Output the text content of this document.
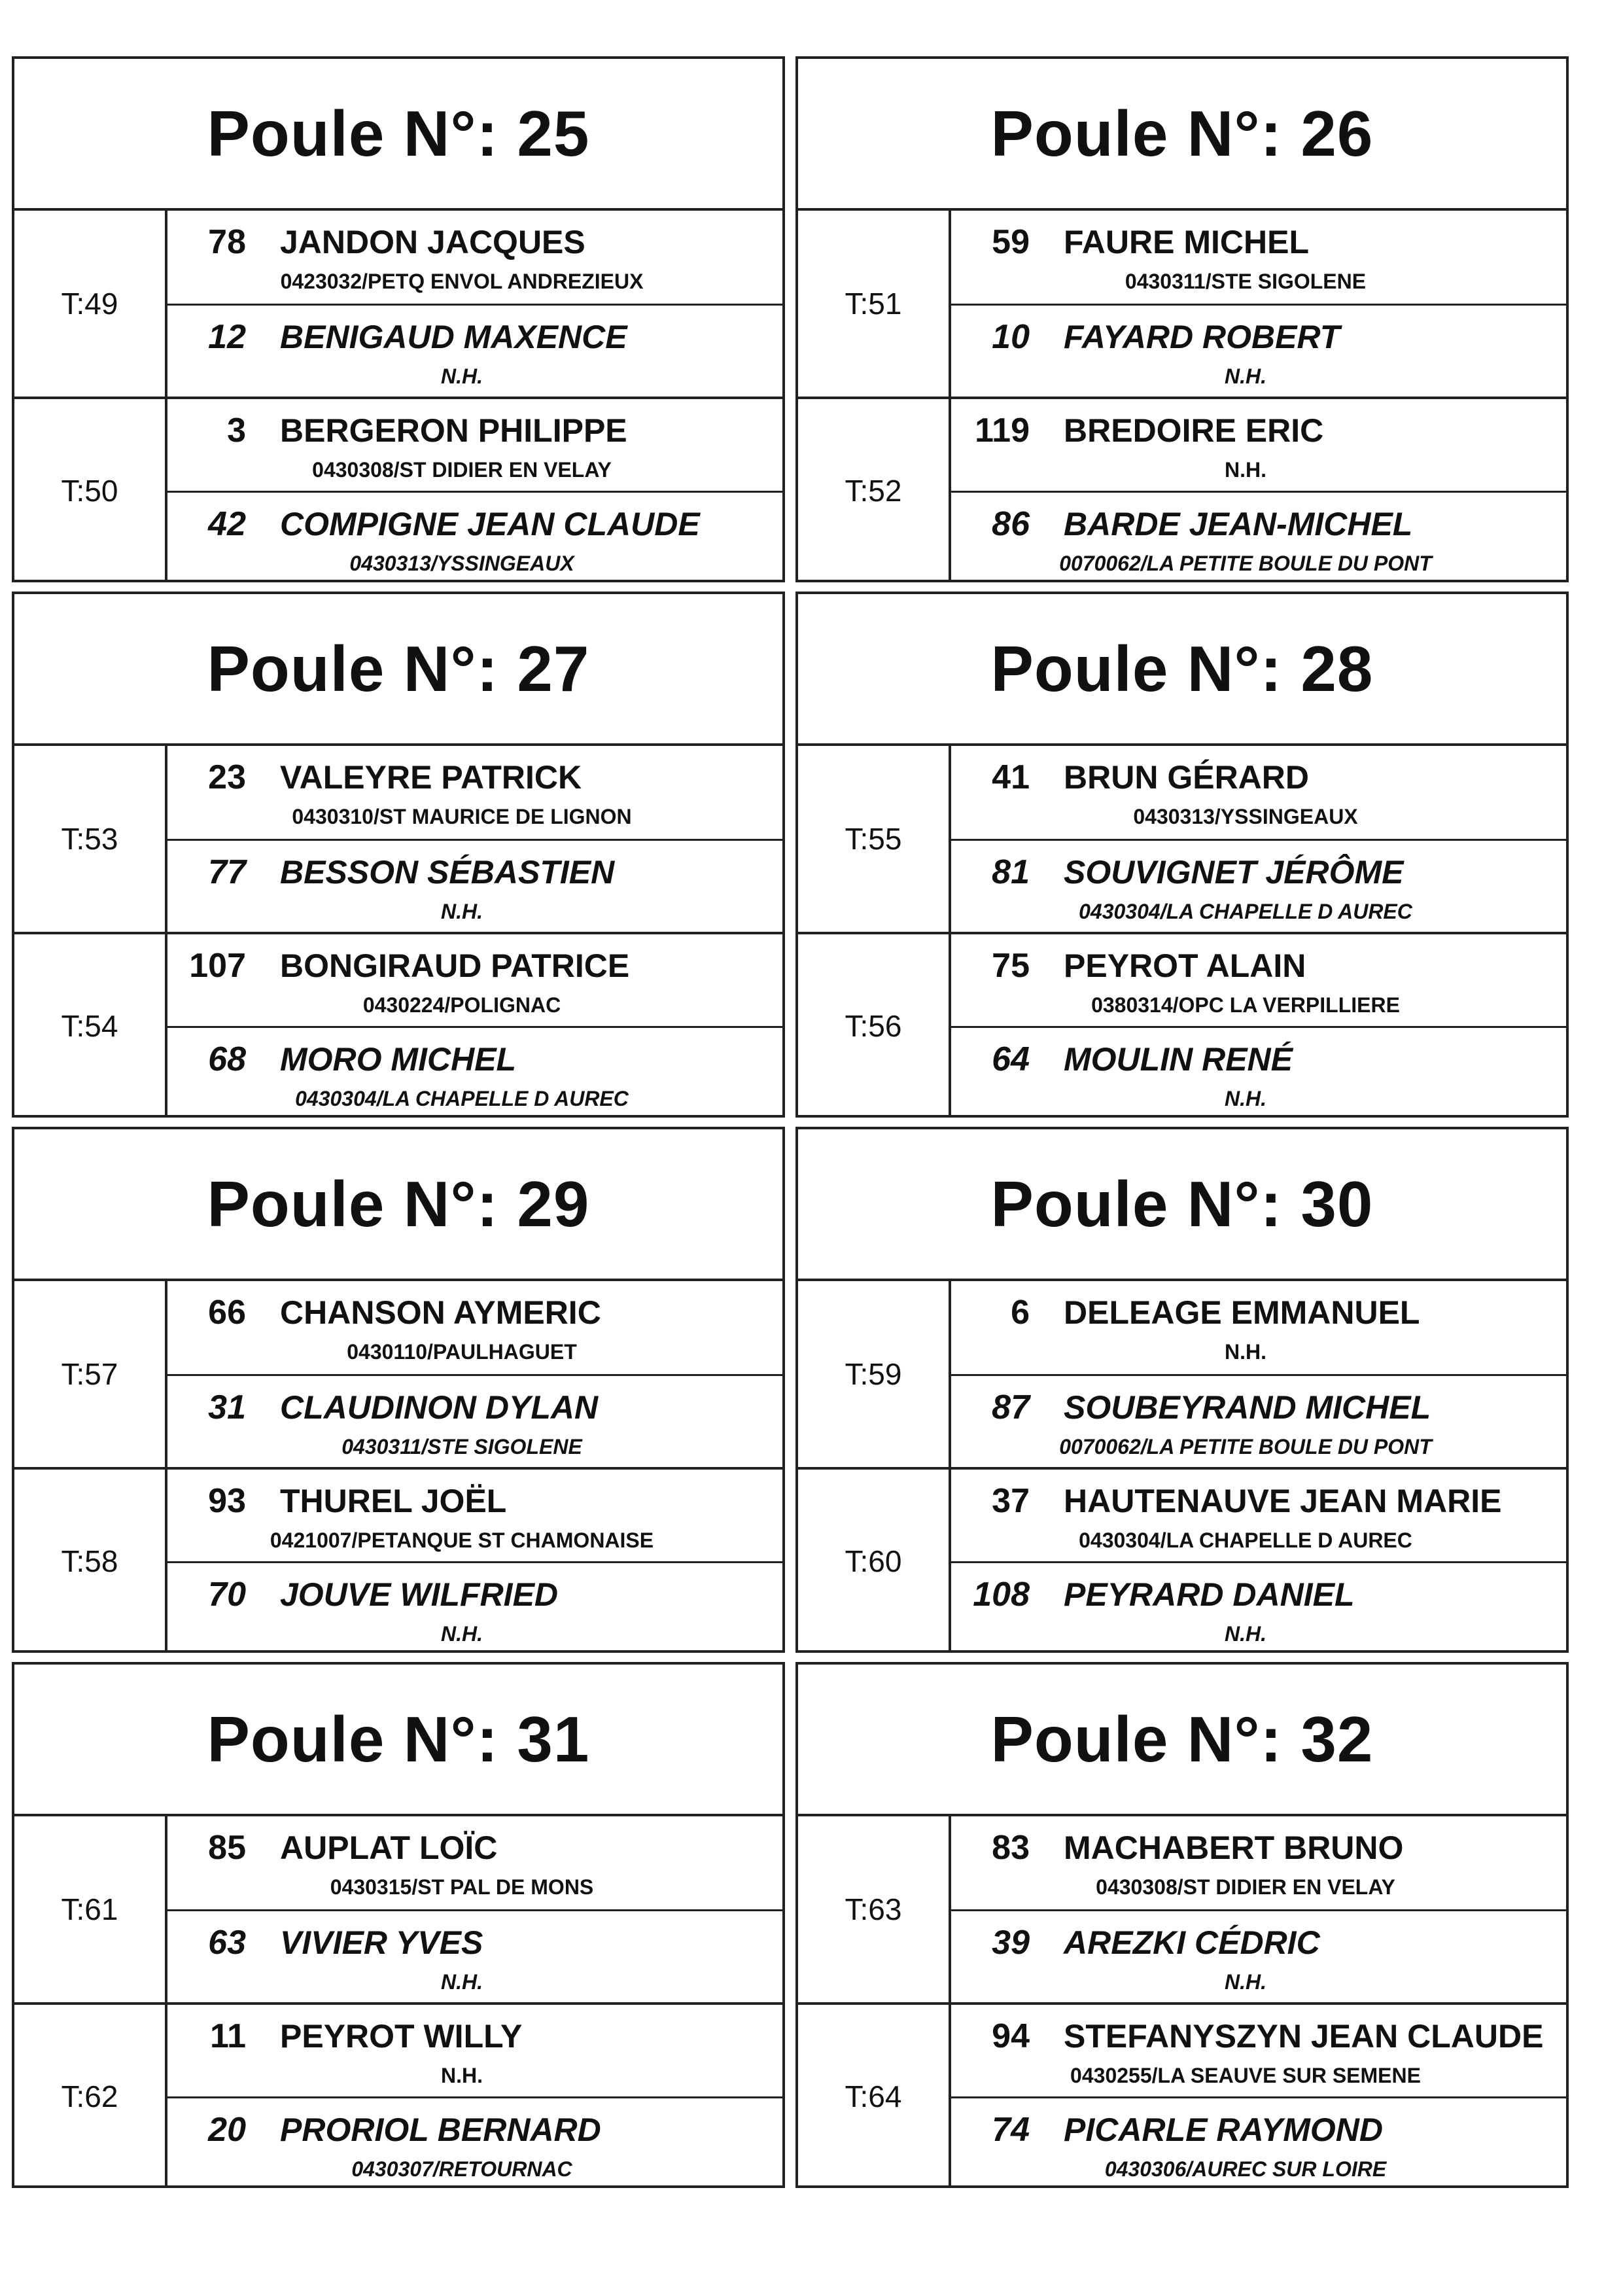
Poule N°: 25
T:49
78	JANDON JACQUES
0423032/PETQ ENVOL ANDREZIEUX
12	BENIGAUD MAXENCE
N.H.
T:50
3	BERGERON PHILIPPE
0430308/ST DIDIER EN VELAY
42	COMPIGNE JEAN CLAUDE
0430313/YSSINGEAUX
Poule N°: 26
T:51
59	FAURE MICHEL
0430311/STE SIGOLENE
10	FAYARD ROBERT
N.H.
T:52
119	BREDOIRE ERIC
N.H.
86	BARDE JEAN-MICHEL
0070062/LA PETITE BOULE DU PONT
Poule N°: 27
T:53
23	VALEYRE PATRICK
0430310/ST MAURICE DE LIGNON
77	BESSON SÉBASTIEN
N.H.
T:54
107	BONGIRAUD PATRICE
0430224/POLIGNAC
68	MORO MICHEL
0430304/LA CHAPELLE D AUREC
Poule N°: 28
T:55
41	BRUN GÉRARD
0430313/YSSINGEAUX
81	SOUVIGNET JÉRÔME
0430304/LA CHAPELLE D AUREC
T:56
75	PEYROT ALAIN
0380314/OPC LA VERPILLIERE
64	MOULIN RENÉ
N.H.
Poule N°: 29
T:57
66	CHANSON AYMERIC
0430110/PAULHAGUET
31	CLAUDINON DYLAN
0430311/STE SIGOLENE
T:58
93	THUREL JOËL
0421007/PETANQUE ST CHAMONAISE
70	JOUVE WILFRIED
N.H.
Poule N°: 30
T:59
6	DELEAGE EMMANUEL
N.H.
87	SOUBEYRAND MICHEL
0070062/LA PETITE BOULE DU PONT
T:60
37	HAUTENAUVE JEAN MARIE
0430304/LA CHAPELLE D AUREC
108	PEYRARD DANIEL
N.H.
Poule N°: 31
T:61
85	AUPLAT LOÏC
0430315/ST PAL DE MONS
63	VIVIER YVES
N.H.
T:62
11	PEYROT WILLY
N.H.
20	PRORIOL BERNARD
0430307/RETOURNAC
Poule N°: 32
T:63
83	MACHABERT BRUNO
0430308/ST DIDIER EN VELAY
39	AREZKI CÉDRIC
N.H.
T:64
94	STEFANYSZYN JEAN CLAUDE
0430255/LA SEAUVE SUR SEMENE
74	PICARLE RAYMOND
0430306/AUREC SUR LOIRE
